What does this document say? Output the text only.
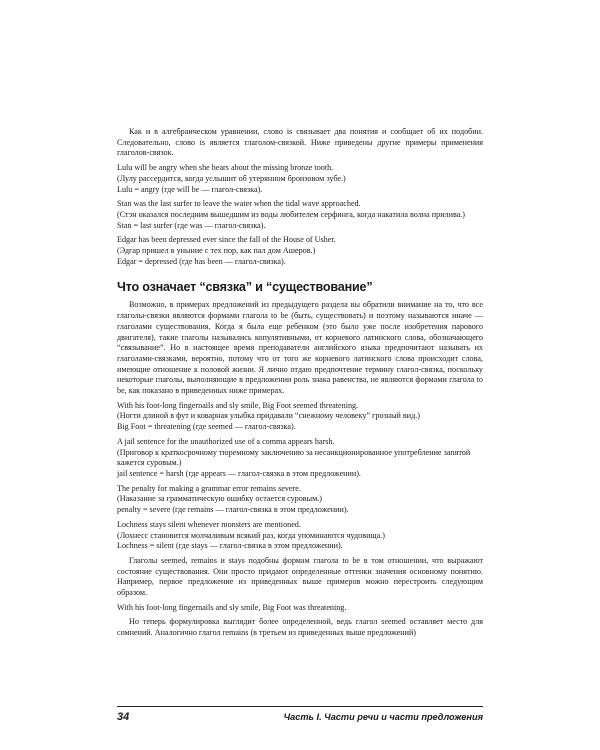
Как и в алгебраическом уравнении, слово is связывает два понятия и сообщает об их подобии. Следовательно, слово is является глаголом-связкой. Ниже приведены другие примеры применения глаголов-связок.

Lulu will be angry when she hears about the missing bronze tooth.

(Лулу рассердится, когда услышит об утерянном бронзовом зубе.)

Lulu = angry (где will be — глагол-связка).

Stan was the last surfer to leave the water when the tidal wave approached.

(Стэн оказался последним вышедшим из воды любителем серфинга, когда накатила волна прилива.)

Stan = last surfer (где was — глагол-связка).

Edgar has been depressed ever since the fall of the House of Usher.

(Эдгар пришел в уныние с тех пор, как пал дом Ашеров.)

Edgar = depressed (где has been — глагол-связка).

Что означает “связка” и “существование”

Возможно, в примерах предложений из предыдущего раздела вы обратили внимание на то, что все глаголы-связки являются формами глагола to be (быть, существовать) и поэтому называются иначе — глаголами существования. Когда я была еще ребенком (это было уже после изобретения парового двигателя), такие глаголы назывались копулятивными, от корневого латинского слова, обозначающего “связывание”. Но в настоящее время преподаватели английского языка предпочитают называть их глаголами-связками, вероятно, потому что от того же корневого латинского слова происходит слова, имеющие отношение к половой жизни. Я лично отдаю предпочтение термину глагол-связка, поскольку некоторые глаголы, выполняющие в предложении роль знака равенства, не являются формами глагола to be, как показано в приведенных ниже примерах.

With his foot-long fingernails and sly smile, Big Foot seemed threatening.

(Ногти длиной в фут и коварная улыбка придавали “снежному человеку” грозный вид.)

Big Foot = threatening (где seemed — глагол-связка).

A jail sentence for the unauthorized use of a comma appears harsh.

(Приговор к краткосрочному тюремному заключению за несанкционированное употребление запятой кажется суровым.)

jail sentence = harsh (где appears — глагол-связка в этом предложении).

The penalty for making a grammar error remains severe.

(Наказание за грамматическую ошибку остается суровым.)

penalty = severe (где remains — глагол-связка в этом предложении).

Lochness stays silent whenever monsters are mentioned.

(Лохнесс становится молчаливым всякий раз, когда упоминаются чудовища.)

Lochness = silent (где stays — глагол-связка в этом предложении).

Глаголы seemed, remains и stays подобны формам глагола to be в том отношении, что выражают состояние существования. Они просто придают определенные оттенки значения основному понятию. Например, первое предложение из приведенных выше примеров можно перестроить следующим образом.

With his foot-long fingernails and sly smile, Big Foot was threatening.

Но теперь формулировка выглядит более определенной, ведь глагол seemed оставляет место для сомнений. Аналогично глагол remains (в третьем из приведенных выше предложений)

34	Часть I. Части речи и части предложения
